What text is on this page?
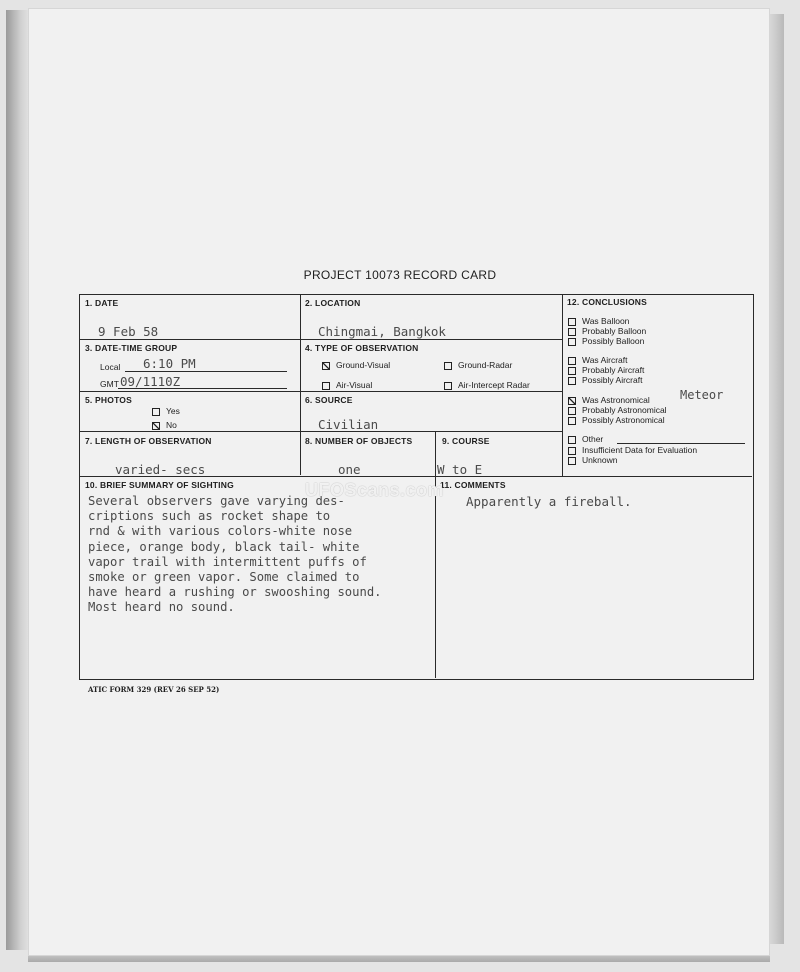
PROJECT 10073 RECORD CARD
1. DATE
9 Feb 58
2. LOCATION
Chingmai, Bangkok
3. DATE-TIME GROUP
Local 6:10 PM
GMT 09/1110Z
4. TYPE OF OBSERVATION
Ground-Visual	Ground-Radar
Air-Visual	Air-Intercept Radar
5. PHOTOS
Yes
No
6. SOURCE
Civilian
7. LENGTH OF OBSERVATION
varied- secs
8. NUMBER OF OBJECTS
one
9. COURSE
W to E
10. BRIEF SUMMARY OF SIGHTING
Several observers gave varying des-
criptions such as rocket shape to
rnd & with various colors-white nose
piece, orange body, black tail- white
vapor trail with intermittent puffs of
smoke or green vapor. Some claimed to
have heard a rushing or swooshing sound.
Most heard no sound.
11. COMMENTS
Apparently a fireball.
12. CONCLUSIONS
Was Balloon
Probably Balloon
Possibly Balloon
Was Aircraft
Probably Aircraft
Possibly Aircraft
Was Astronomical	Meteor
Probably Astronomical
Possibly Astronomical
Other
Insufficient Data for Evaluation
Unknown
UFOScans.com
ATIC FORM 329 (REV 26 SEP 52)
